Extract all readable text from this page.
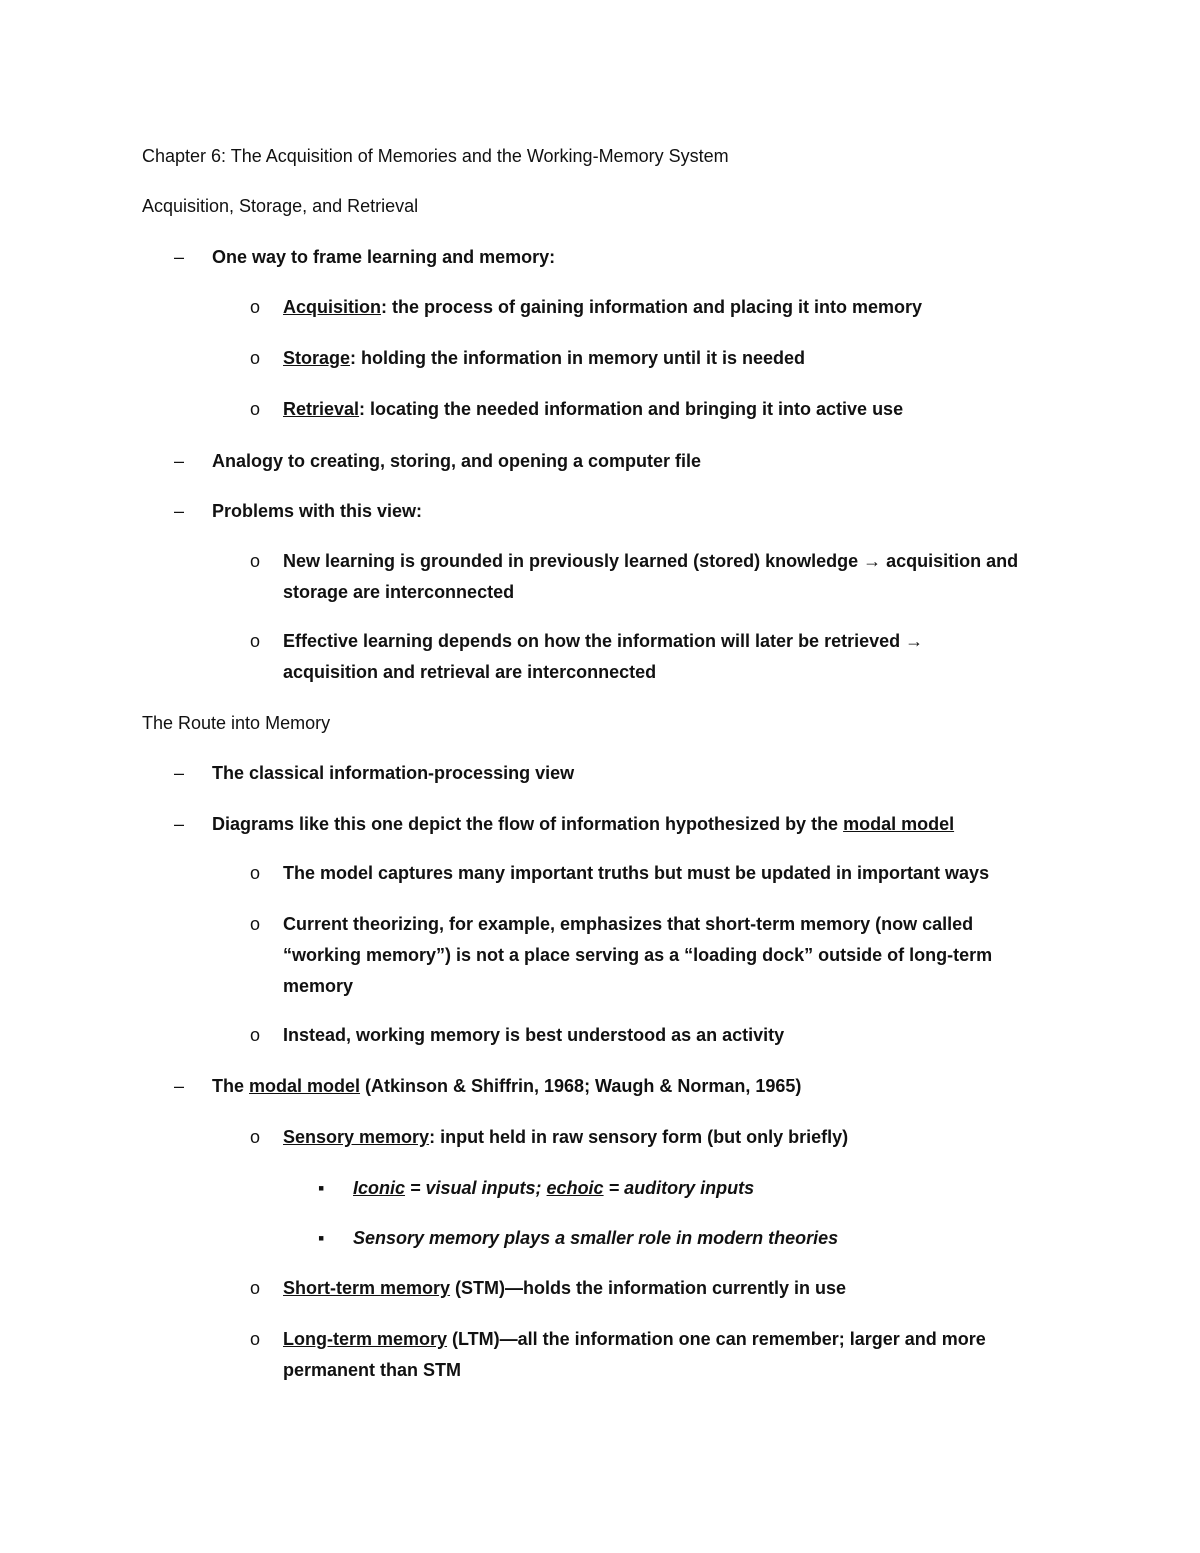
Chapter 6: The Acquisition of Memories and the Working-Memory System
Acquisition, Storage, and Retrieval
– One way to frame learning and memory:
o Acquisition: the process of gaining information and placing it into memory
o Storage: holding the information in memory until it is needed
o Retrieval: locating the needed information and bringing it into active use
– Analogy to creating, storing, and opening a computer file
– Problems with this view:
o New learning is grounded in previously learned (stored) knowledge → acquisition and
storage are interconnected
o Effective learning depends on how the information will later be retrieved →
acquisition and retrieval are interconnected
The Route into Memory
– The classical information-processing view
– Diagrams like this one depict the flow of information hypothesized by the modal model
o The model captures many important truths but must be updated in important ways
o Current theorizing, for example, emphasizes that short-term memory (now called
“working memory”) is not a place serving as a “loading dock” outside of long-term
memory
o Instead, working memory is best understood as an activity
– The modal model (Atkinson & Shiffrin, 1968; Waugh & Norman, 1965)
o Sensory memory: input held in raw sensory form (but only briefly)
▪ Iconic = visual inputs; echoic = auditory inputs
▪ Sensory memory plays a smaller role in modern theories
o Short-term memory (STM)—holds the information currently in use
o Long-term memory (LTM)—all the information one can remember; larger and more
permanent than STM
